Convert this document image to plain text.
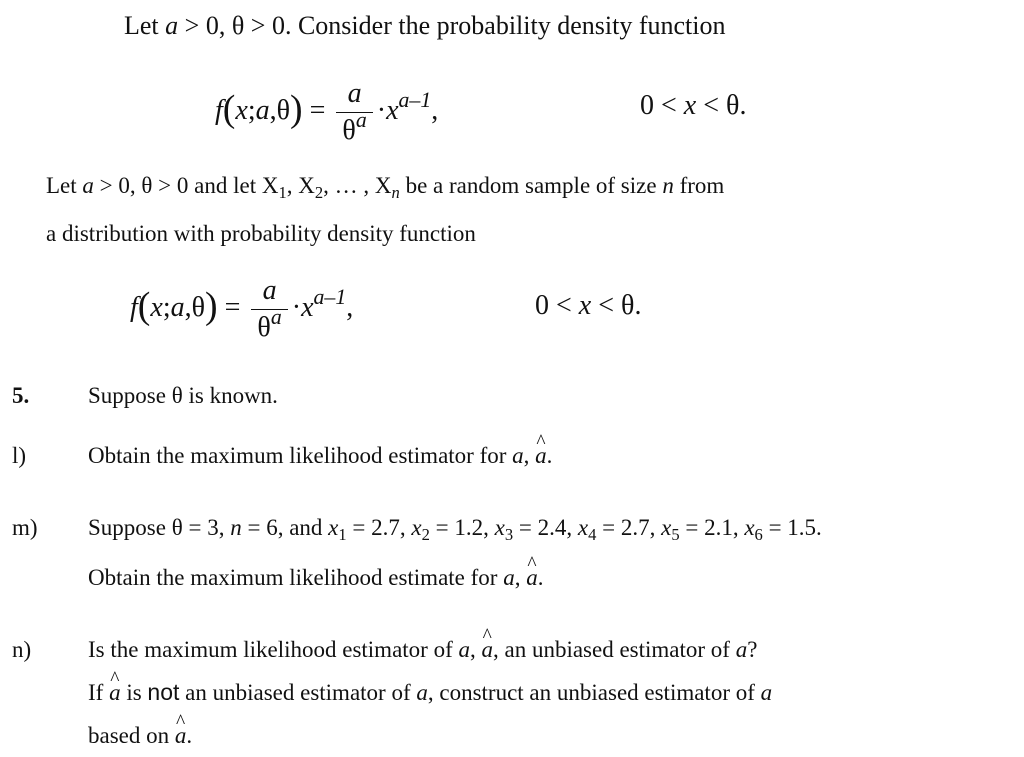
Let a > 0, θ > 0. Consider the probability density function
f(x;a,θ) = $\frac{a}{\theta^a} \cdot x^{a-1}$,	0 < x < θ.
Let a > 0, θ > 0 and let $X_1$, $X_2$, … , $X_n$ be a random sample of size n from
a distribution with probability density function
f(x;a,θ) = $\frac{a}{\theta^a} \cdot x^{a-1}$,	0 < x < θ.
5.	Suppose θ is known.
l)	Obtain the maximum likelihood estimator for a, ^ a.
m) Suppose θ = 3, n = 6, and $x_1 = 2.7$, $x_2 = 1.2$, $x_3 = 2.4$, $x_4 = 2.7$, $x_5 = 2.1$, $x_6 = 1.5$.
Obtain the maximum likelihood estimate for a, ^ a.
n) Is the maximum likelihood estimator of a, ^ a, an unbiased estimator of a?
If ^ a is not an unbiased estimator of a, construct an unbiased estimator of a
based on ^ a.
